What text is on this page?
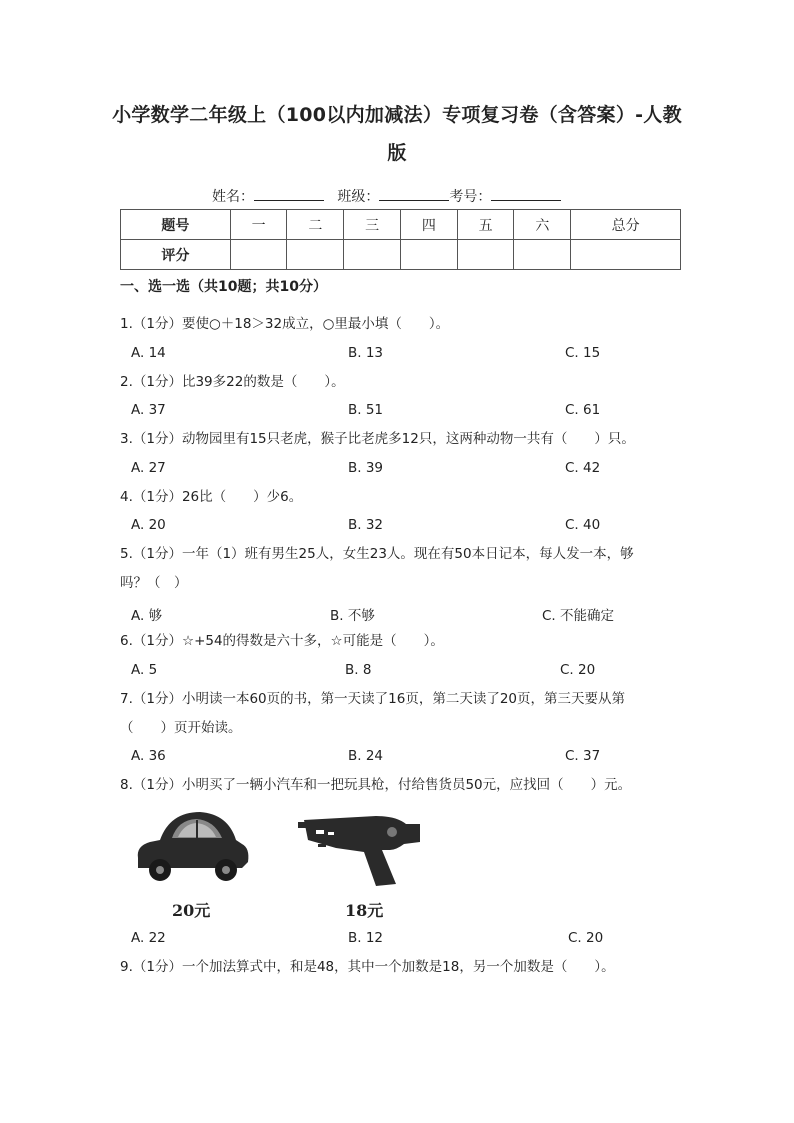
小学数学二年级上（100以内加减法）专项复习卷（含答案）-人教
版
姓名：	班级：	考号：
题号	一	二	三	四	五	六	总分
评分							
一、选一选（共10题；共10分）
1.（1分）要使○＋18＞32成立，○里最小填（　　）。
A. 14	B. 13	C. 15
2.（1分）比39多22的数是（　　）。
A. 37	B. 51	C. 61
3.（1分）动物园里有15只老虎，猴子比老虎多12只，这两种动物一共有（　　）只。
A. 27	B. 39	C. 42
4.（1分）26比（　　）少6。
A. 20	B. 32	C. 40
5.（1分）一年（1）班有男生25人，女生23人。现在有50本日记本，每人发一本，够
吗？（　）
A. 够	B. 不够	C. 不能确定
6.（1分）☆+54的得数是六十多，☆可能是（　　）。
A. 5	B. 8	C. 20
7.（1分）小明读一本60页的书，第一天读了16页，第二天读了20页，第三天要从第
（　　）页开始读。
A. 36	B. 24	C. 37
8.（1分）小明买了一辆小汽车和一把玩具枪，付给售货员50元，应找回（　　）元。
20元	18元
A. 22	B. 12	C. 20
9.（1分）一个加法算式中，和是48，其中一个加数是18，另一个加数是（　　）。
